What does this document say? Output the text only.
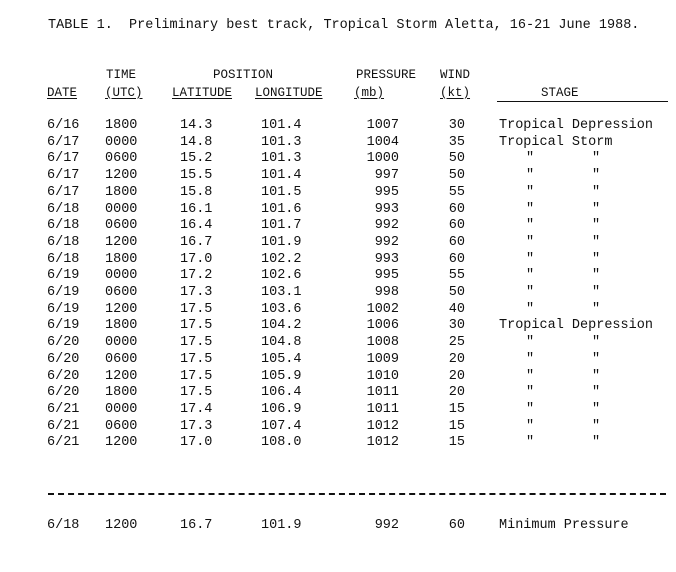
TABLE 1.  Preliminary best track, Tropical Storm Aletta, 16-21 June 1988.
TIME	POSITION	PRESSURE WIND
DATE (UTC) LATITUDE LONGITUDE	(mb)	(kt)	STAGE
6/16 1800	14.3	101.4	1007	30	Tropical Depression
6/17 0000	14.8	101.3	1004	35	Tropical Storm
6/17 0600	15.2	101.3	1000	50	"	"
6/17 1200	15.5	101.4	997	50	"	"
6/17 1800	15.8	101.5	995	55	"	"
6/18 0000	16.1	101.6	993	60	"	"
6/18 0600	16.4	101.7	992	60	"	"
6/18 1200	16.7	101.9	992	60	"	"
6/18 1800	17.0	102.2	993	60	"	"
6/19 0000	17.2	102.6	995	55	"	"
6/19 0600	17.3	103.1	998	50	"	"
6/19 1200	17.5	103.6	1002	40	"	"
6/19 1800	17.5	104.2	1006	30	Tropical Depression
6/20 0000	17.5	104.8	1008	25	"	"
6/20 0600	17.5	105.4	1009	20	"	"
6/20 1200	17.5	105.9	1010	20	"	"
6/20 1800	17.5	106.4	1011	20	"	"
6/21 0000	17.4	106.9	1011	15	"	"
6/21 0600	17.3	107.4	1012	15	"	"
6/21 1200	17.0	108.0	1012	15	"	"
6/18 1200	16.7	101.9	992	60	Minimum Pressure
